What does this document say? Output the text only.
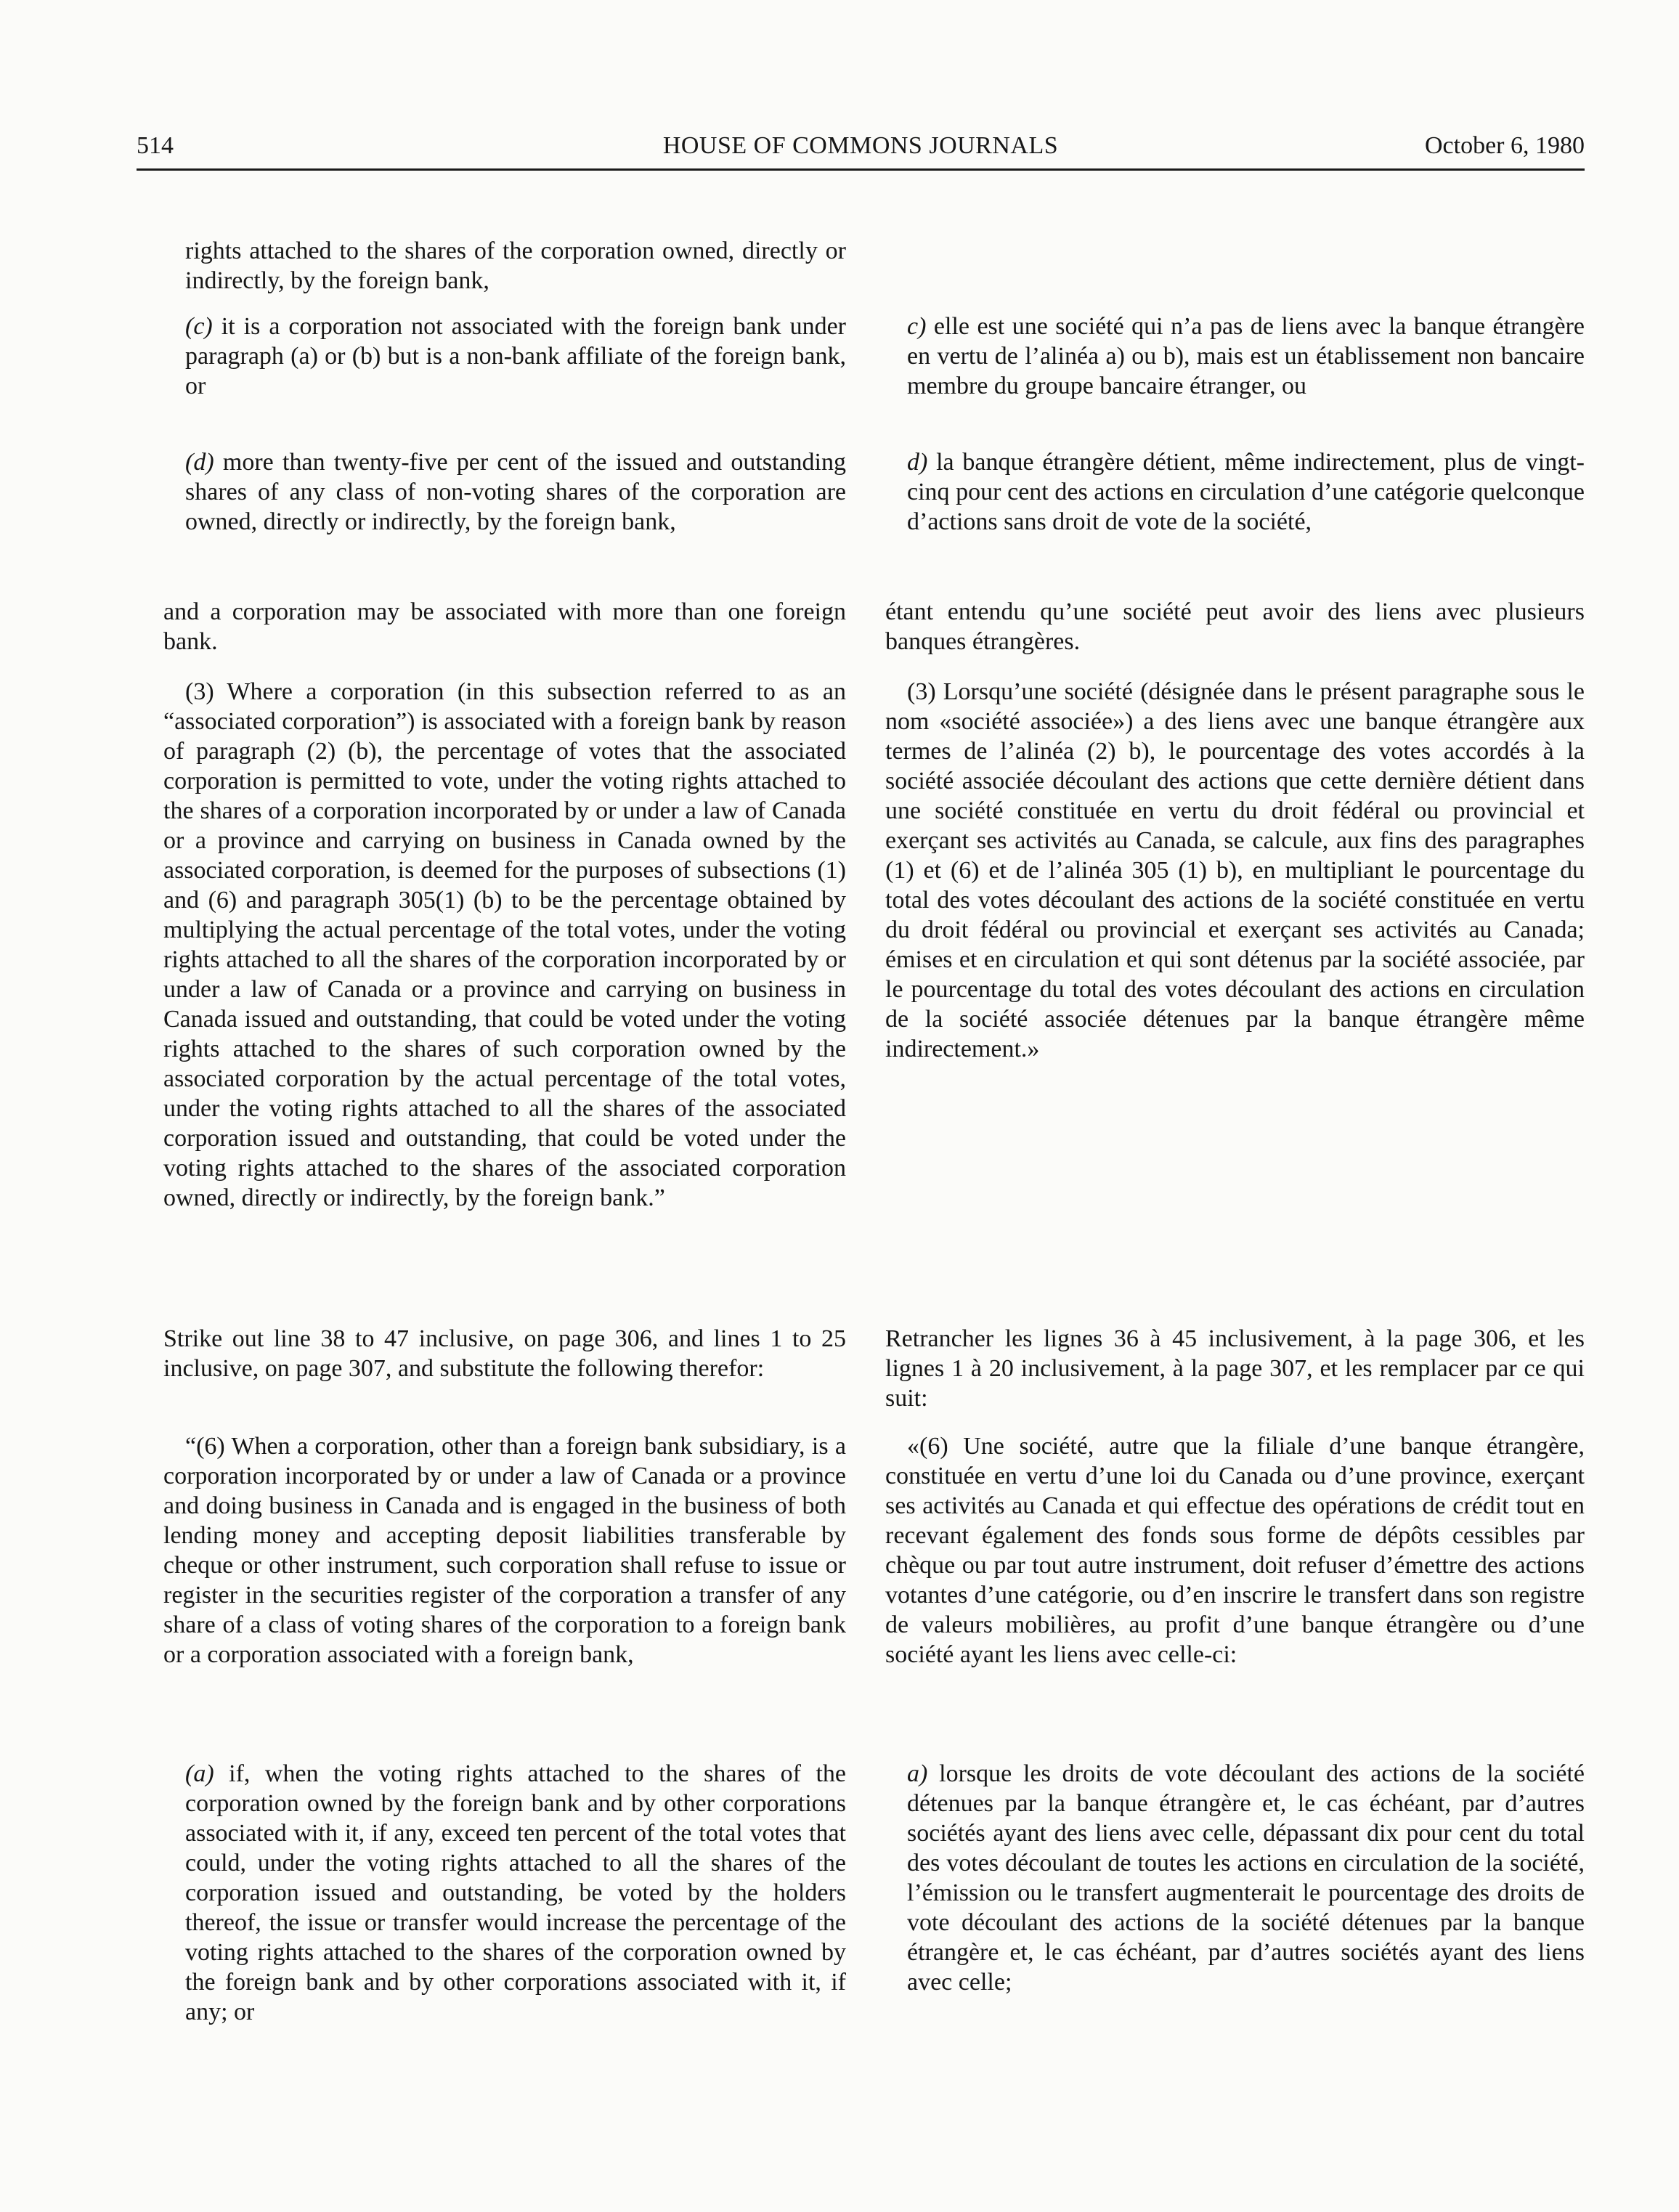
514	HOUSE OF COMMONS JOURNALS	October 6, 1980

rights attached to the shares of the corporation owned, directly or indirectly, by the foreign bank,

(c) it is a corporation not associated with the foreign bank under paragraph (a) or (b) but is a non-bank affiliate of the foreign bank, or

(d) more than twenty-five per cent of the issued and outstanding shares of any class of non-voting shares of the corporation are owned, directly or indirectly, by the foreign bank,

and a corporation may be associated with more than one foreign bank.

(3) Where a corporation (in this subsection referred to as an “associated corporation”) is associated with a foreign bank by reason of paragraph (2) (b), the percentage of votes that the associated corporation is permitted to vote, under the voting rights attached to the shares of a corporation incorporated by or under a law of Canada or a province and carrying on business in Canada owned by the associated corporation, is deemed for the purposes of subsections (1) and (6) and paragraph 305(1) (b) to be the percentage obtained by multiplying the actual percentage of the total votes, under the voting rights attached to all the shares of the corporation incorporated by or under a law of Canada or a province and carrying on business in Canada issued and outstanding, that could be voted under the voting rights attached to the shares of such corporation owned by the associated corporation by the actual percentage of the total votes, under the voting rights attached to all the shares of the associated corporation issued and outstanding, that could be voted under the voting rights attached to the shares of the associated corporation owned, directly or indirectly, by the foreign bank.”

Strike out line 38 to 47 inclusive, on page 306, and lines 1 to 25 inclusive, on page 307, and substitute the following therefor:

“(6) When a corporation, other than a foreign bank subsidiary, is a corporation incorporated by or under a law of Canada or a province and doing business in Canada and is engaged in the business of both lending money and accepting deposit liabilities transferable by cheque or other instrument, such corporation shall refuse to issue or register in the securities register of the corporation a transfer of any share of a class of voting shares of the corporation to a foreign bank or a corporation associated with a foreign bank,

(a) if, when the voting rights attached to the shares of the corporation owned by the foreign bank and by other corporations associated with it, if any, exceed ten percent of the total votes that could, under the voting rights attached to all the shares of the corporation issued and outstanding, be voted by the holders thereof, the issue or transfer would increase the percentage of the voting rights attached to the shares of the corporation owned by the foreign bank and by other corporations associated with it, if any; or

c) elle est une société qui n’a pas de liens avec la banque étrangère en vertu de l’alinéa a) ou b), mais est un établissement non bancaire membre du groupe bancaire étranger, ou

d) la banque étrangère détient, même indirectement, plus de vingt-cinq pour cent des actions en circulation d’une catégorie quelconque d’actions sans droit de vote de la société,

étant entendu qu’une société peut avoir des liens avec plusieurs banques étrangères.

(3) Lorsqu’une société (désignée dans le présent paragraphe sous le nom «société associée») a des liens avec une banque étrangère aux termes de l’alinéa (2) b), le pourcentage des votes accordés à la société associée découlant des actions que cette dernière détient dans une société constituée en vertu du droit fédéral ou provincial et exerçant ses activités au Canada, se calcule, aux fins des paragraphes (1) et (6) et de l’alinéa 305 (1) b), en multipliant le pourcentage du total des votes découlant des actions de la société constituée en vertu du droit fédéral ou provincial et exerçant ses activités au Canada; émises et en circulation et qui sont détenus par la société associée, par le pourcentage du total des votes découlant des actions en circulation de la société associée détenues par la banque étrangère même indirectement.»

Retrancher les lignes 36 à 45 inclusivement, à la page 306, et les lignes 1 à 20 inclusivement, à la page 307, et les remplacer par ce qui suit:

«(6) Une société, autre que la filiale d’une banque étrangère, constituée en vertu d’une loi du Canada ou d’une province, exerçant ses activités au Canada et qui effectue des opérations de crédit tout en recevant également des fonds sous forme de dépôts cessibles par chèque ou par tout autre instrument, doit refuser d’émettre des actions votantes d’une catégorie, ou d’en inscrire le transfert dans son registre de valeurs mobilières, au profit d’une banque étrangère ou d’une société ayant les liens avec celle-ci:

a) lorsque les droits de vote découlant des actions de la société détenues par la banque étrangère et, le cas échéant, par d’autres sociétés ayant des liens avec celle, dépassant dix pour cent du total des votes découlant de toutes les actions en circulation de la société, l’émission ou le transfert augmenterait le pourcentage des droits de vote découlant des actions de la société détenues par la banque étrangère et, le cas échéant, par d’autres sociétés ayant des liens avec celle;
